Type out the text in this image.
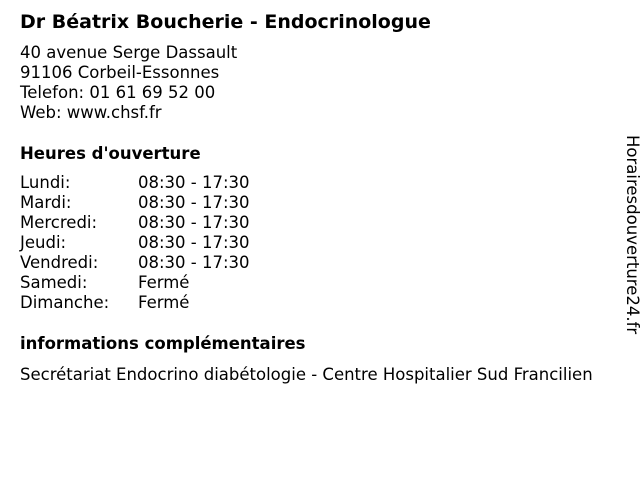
Dr Béatrix Boucherie - Endocrinologue
40 avenue Serge Dassault
91106 Corbeil-Essonnes
Telefon: 01 61 69 52 00
Web: www.chsf.fr
Heures d'ouverture
Lundi:	08:30 - 17:30
Mardi:	08:30 - 17:30
Mercredi:	08:30 - 17:30
Jeudi:	08:30 - 17:30
Vendredi:	08:30 - 17:30
Samedi:	Fermé
Dimanche:	Fermé
informations complémentaires
Secrétariat Endocrino diabétologie - Centre Hospitalier Sud Francilien
Horairesdouverture24.fr
